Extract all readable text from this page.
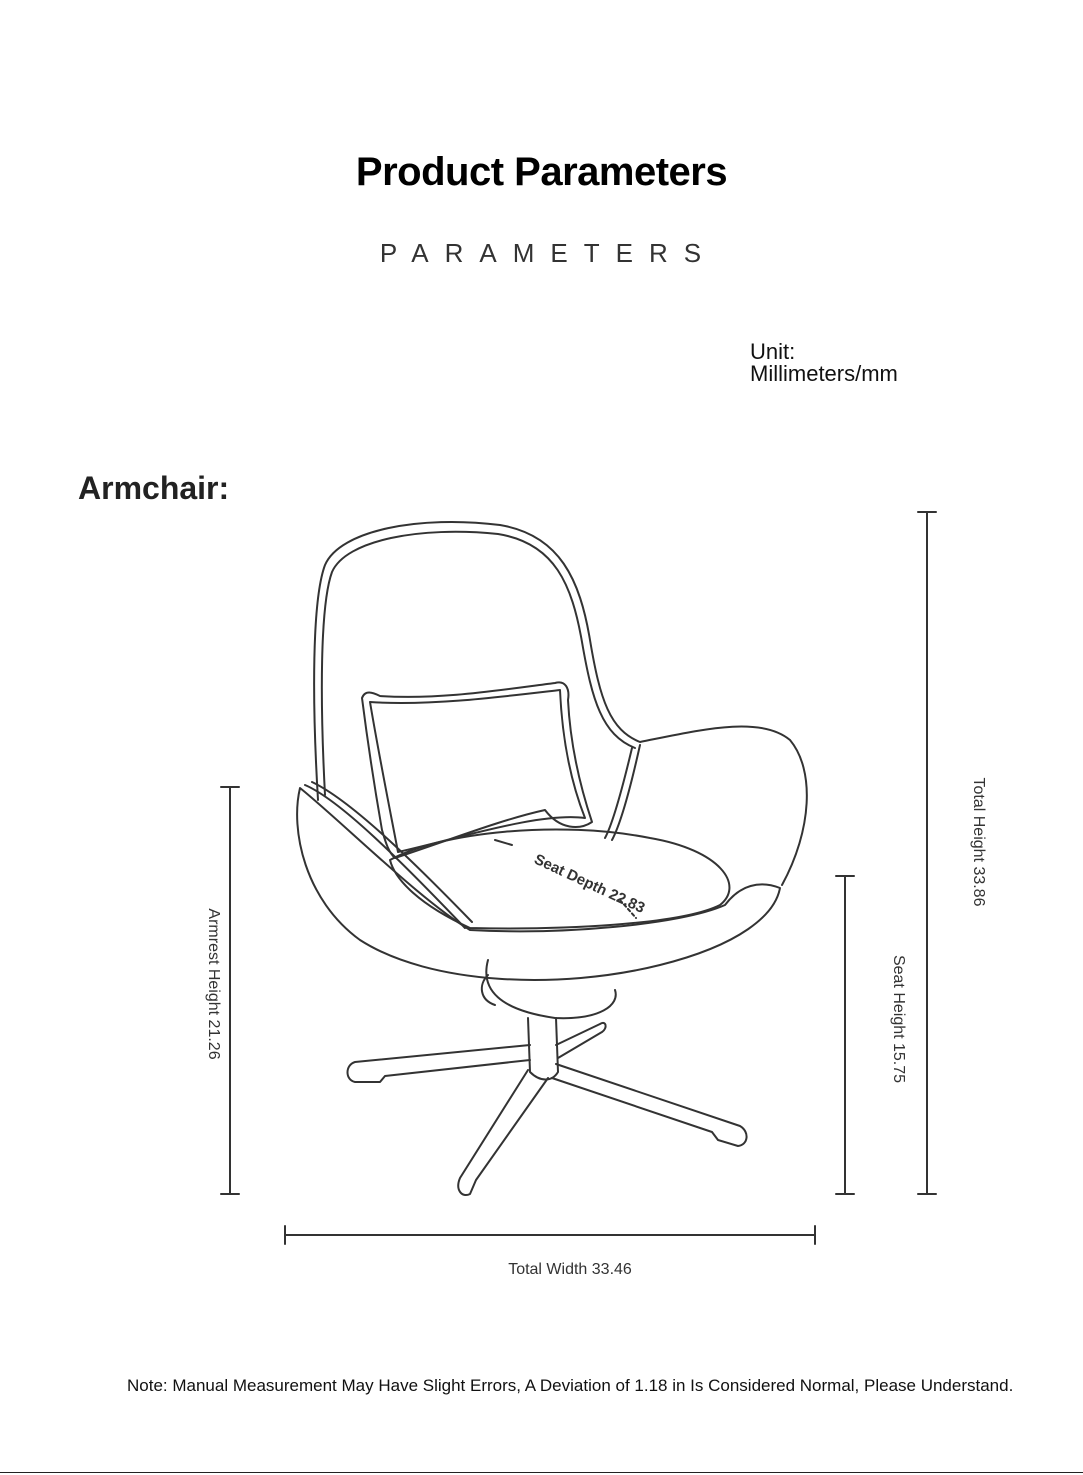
Product Parameters
PARAMETERS
Unit:
Millimeters/mm
Armchair:
Total Height 33.86
Seat Height 15.75
Armrest Height 21.26
Seat Depth 22.83
Total Width 33.46
Note: Manual Measurement May Have Slight Errors, A Deviation of 1.18 in Is Considered Normal, Please Understand.
